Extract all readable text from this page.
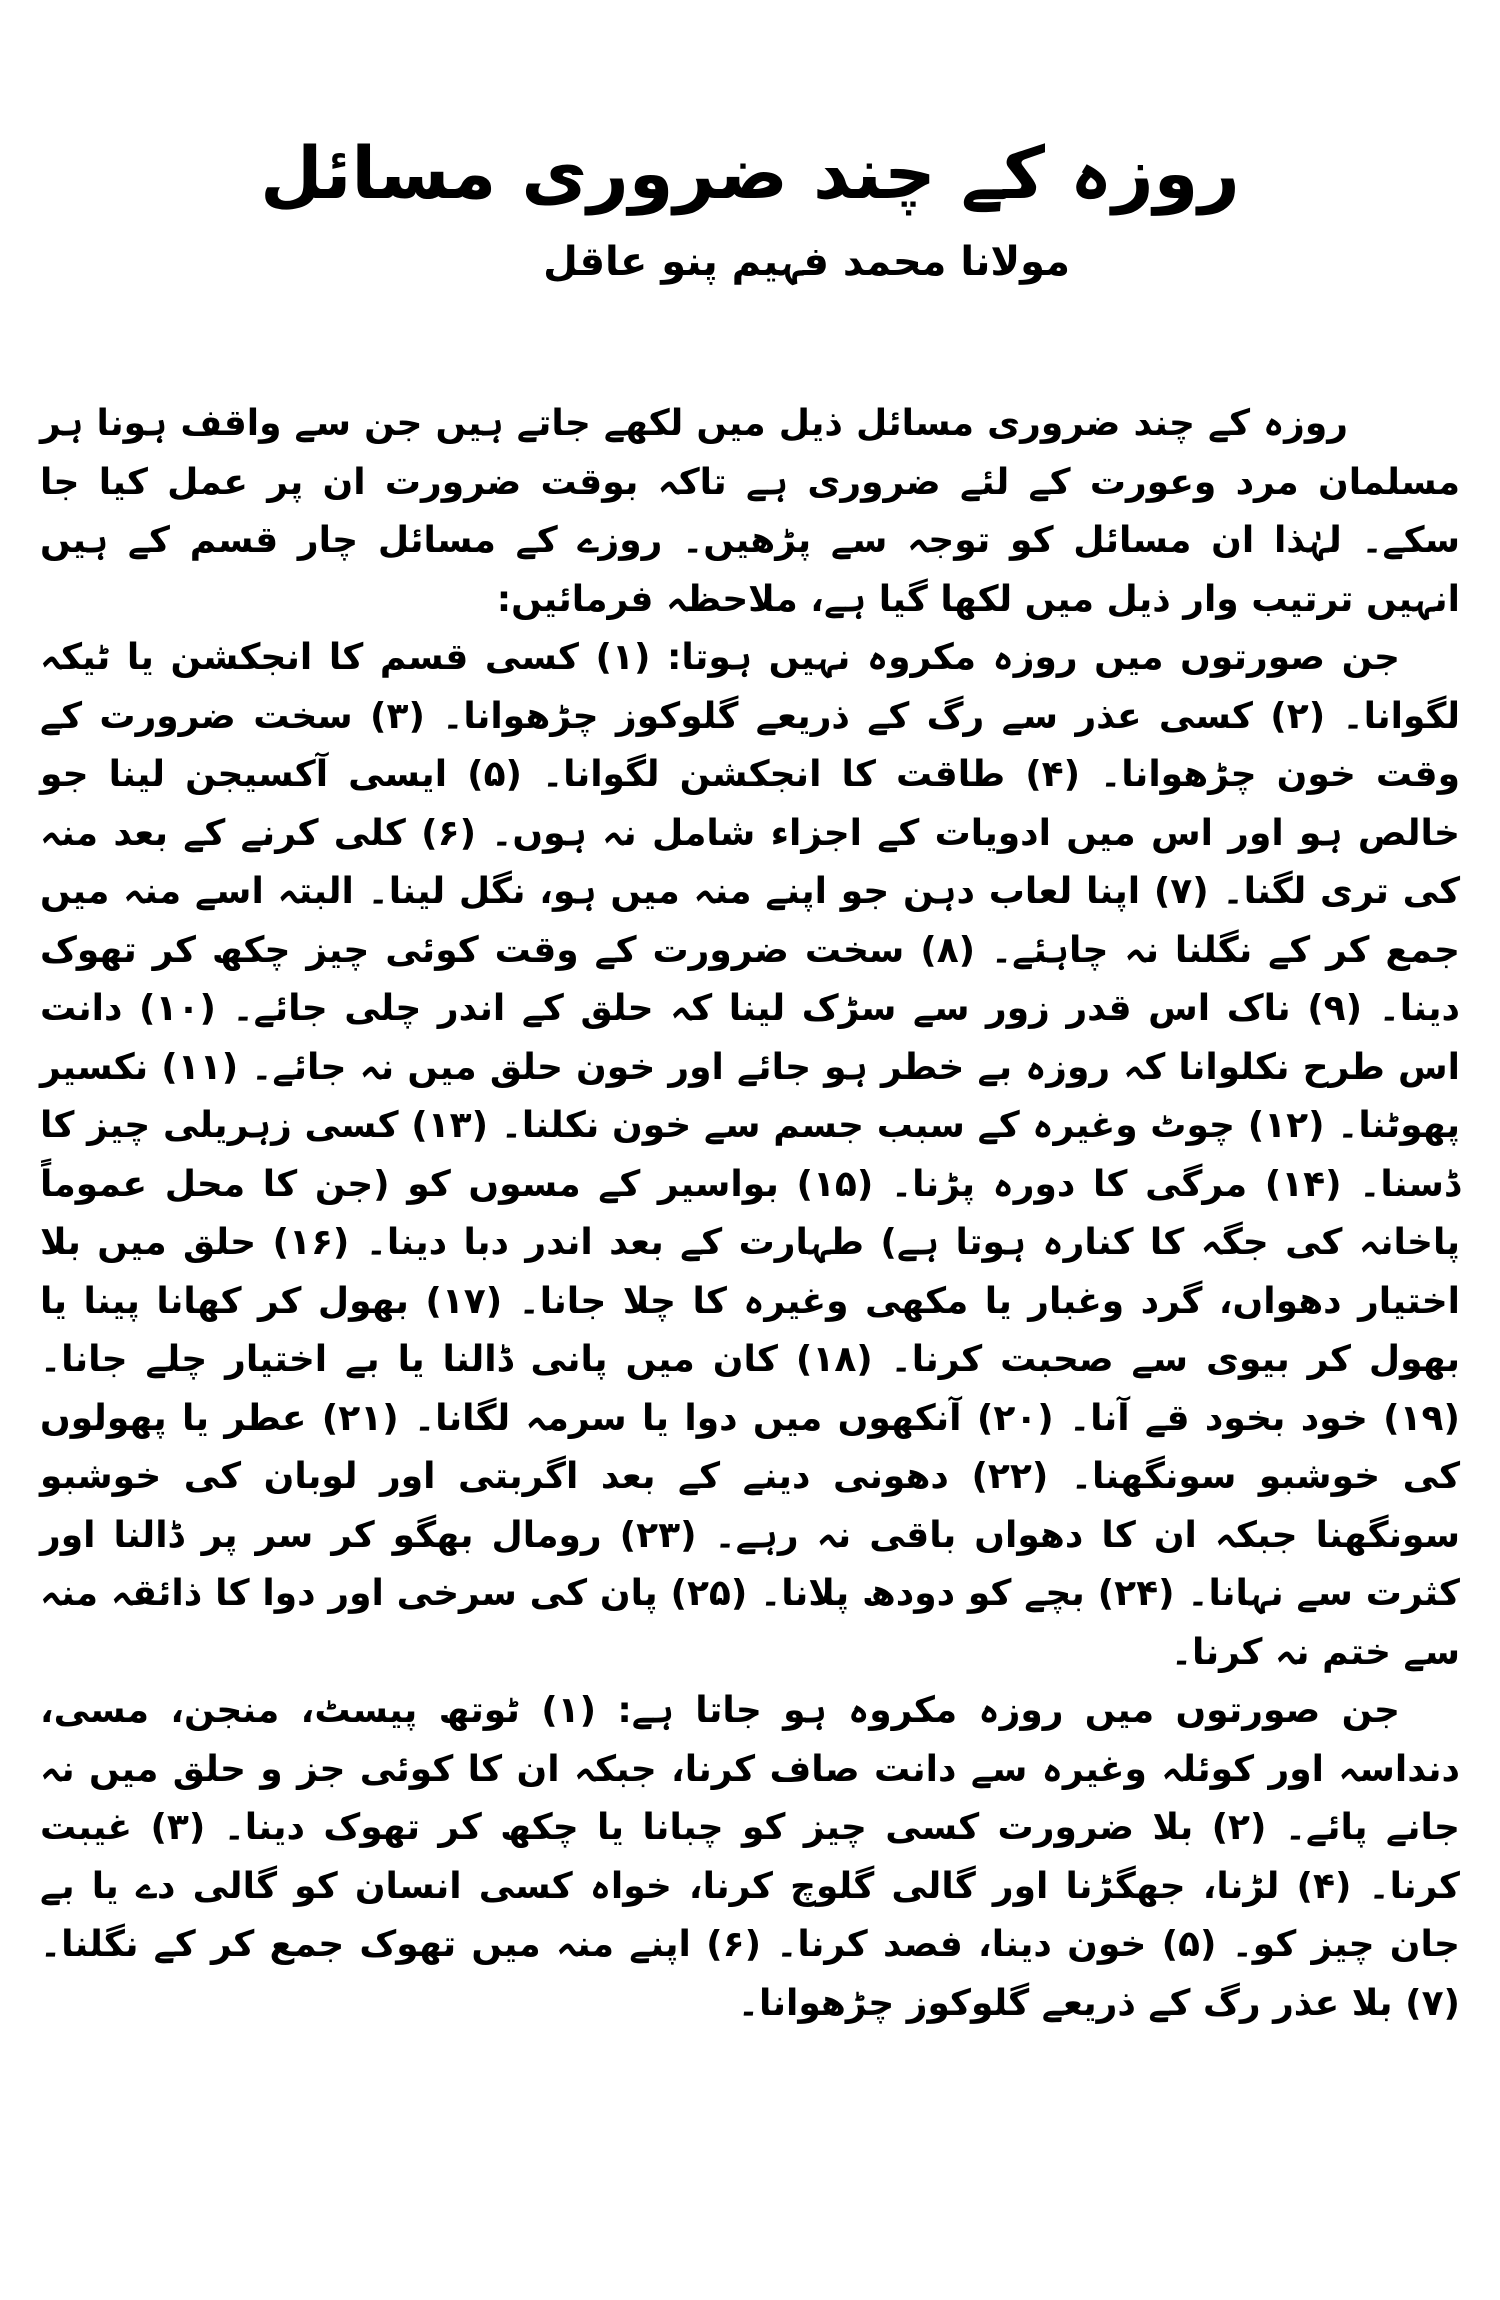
روزہ کے چند ضروری مسائل
مولانا محمد فہیم پنو عاقل

روزہ کے چند ضروری مسائل ذیل میں لکھے جاتے ہیں جن سے واقف ہونا ہر مسلمان مرد وعورت کے لئے ضروری ہے تاکہ بوقت ضرورت ان پر عمل کیا جا سکے۔ لہٰذا ان مسائل کو توجہ سے پڑھیں۔ روزے کے مسائل چار قسم کے ہیں انہیں ترتیب وار ذیل میں لکھا گیا ہے، ملاحظہ فرمائیں:

جن صورتوں میں روزہ مکروہ نہیں ہوتا: (۱) کسی قسم کا انجکشن یا ٹیکہ لگوانا۔ (۲) کسی عذر سے رگ کے ذریعے گلوکوز چڑھوانا۔ (۳) سخت ضرورت کے وقت خون چڑھوانا۔ (۴) طاقت کا انجکشن لگوانا۔ (۵) ایسی آکسیجن لینا جو خالص ہو اور اس میں ادویات کے اجزاء شامل نہ ہوں۔ (۶) کلی کرنے کے بعد منہ کی تری لگنا۔ (۷) اپنا لعاب دہن جو اپنے منہ میں ہو، نگل لینا۔ البتہ اسے منہ میں جمع کر کے نگلنا نہ چاہئے۔ (۸) سخت ضرورت کے وقت کوئی چیز چکھ کر تھوک دینا۔ (۹) ناک اس قدر زور سے سڑک لینا کہ حلق کے اندر چلی جائے۔ (۱۰) دانت اس طرح نکلوانا کہ روزہ بے خطر ہو جائے اور خون حلق میں نہ جائے۔ (۱۱) نکسیر پھوٹنا۔ (۱۲) چوٹ وغیرہ کے سبب جسم سے خون نکلنا۔ (۱۳) کسی زہریلی چیز کا ڈسنا۔ (۱۴) مرگی کا دورہ پڑنا۔ (۱۵) بواسیر کے مسوں کو (جن کا محل عموماً پاخانہ کی جگہ کا کنارہ ہوتا ہے) طہارت کے بعد اندر دبا دینا۔ (۱۶) حلق میں بلا اختیار دھواں، گرد وغبار یا مکھی وغیرہ کا چلا جانا۔ (۱۷) بھول کر کھانا پینا یا بھول کر بیوی سے صحبت کرنا۔ (۱۸) کان میں پانی ڈالنا یا بے اختیار چلے جانا۔ (۱۹) خود بخود قے آنا۔ (۲۰) آنکھوں میں دوا یا سرمہ لگانا۔ (۲۱) عطر یا پھولوں کی خوشبو سونگھنا۔ (۲۲) دھونی دینے کے بعد اگربتی اور لوبان کی خوشبو سونگھنا جبکہ ان کا دھواں باقی نہ رہے۔ (۲۳) رومال بھگو کر سر پر ڈالنا اور کثرت سے نہانا۔ (۲۴) بچے کو دودھ پلانا۔ (۲۵) پان کی سرخی اور دوا کا ذائقہ منہ سے ختم نہ کرنا۔

جن صورتوں میں روزہ مکروہ ہو جاتا ہے: (۱) ٹوتھ پیسٹ، منجن، مسی، دنداسہ اور کوئلہ وغیرہ سے دانت صاف کرنا، جبکہ ان کا کوئی جز و حلق میں نہ جانے پائے۔ (۲) بلا ضرورت کسی چیز کو چبانا یا چکھ کر تھوک دینا۔ (۳) غیبت کرنا۔ (۴) لڑنا، جھگڑنا اور گالی گلوچ کرنا، خواہ کسی انسان کو گالی دے یا بے جان چیز کو۔ (۵) خون دینا، فصد کرنا۔ (۶) اپنے منہ میں تھوک جمع کر کے نگلنا۔ (۷) بلا عذر رگ کے ذریعے گلوکوز چڑھوانا۔
